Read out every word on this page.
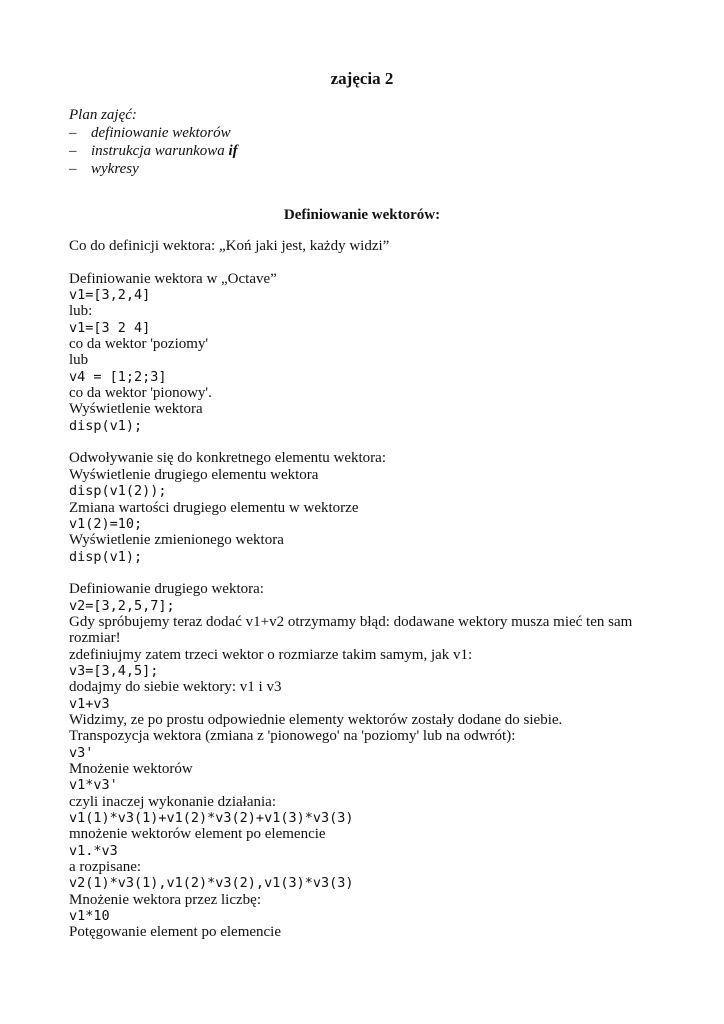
zajęcia 2
Plan zajęć:
– definiowanie wektorów
– instrukcja warunkowa if
– wykresy
Definiowanie wektorów:
Co do definicji wektora: „Koń jaki jest, każdy widzi”
Definiowanie wektora w „Octave”
v1=[3,2,4]
lub:
v1=[3 2 4]
co da wektor 'poziomy'
lub
v4 = [1;2;3]
co da wektor 'pionowy'.
Wyświetlenie wektora
disp(v1);
Odwoływanie się do konkretnego elementu wektora:
Wyświetlenie drugiego elementu wektora
disp(v1(2));
Zmiana wartości drugiego elementu w wektorze
v1(2)=10;
Wyświetlenie zmienionego wektora
disp(v1);
Definiowanie drugiego wektora:
v2=[3,2,5,7];
Gdy spróbujemy teraz dodać v1+v2 otrzymamy błąd: dodawane wektory musza mieć ten sam
rozmiar!
zdefiniujmy zatem trzeci wektor o rozmiarze takim samym, jak v1:
v3=[3,4,5];
dodajmy do siebie wektory: v1 i v3
v1+v3
Widzimy, ze po prostu odpowiednie elementy wektorów zostały dodane do siebie.
Transpozycja wektora (zmiana z 'pionowego' na 'poziomy' lub na odwrót):
v3'
Mnożenie wektorów
v1*v3'
czyli inaczej wykonanie działania:
v1(1)*v3(1)+v1(2)*v3(2)+v1(3)*v3(3)
mnożenie wektorów element po elemencie
v1.*v3
a rozpisane:
v2(1)*v3(1),v1(2)*v3(2),v1(3)*v3(3)
Mnożenie wektora przez liczbę:
v1*10
Potęgowanie element po elemencie
